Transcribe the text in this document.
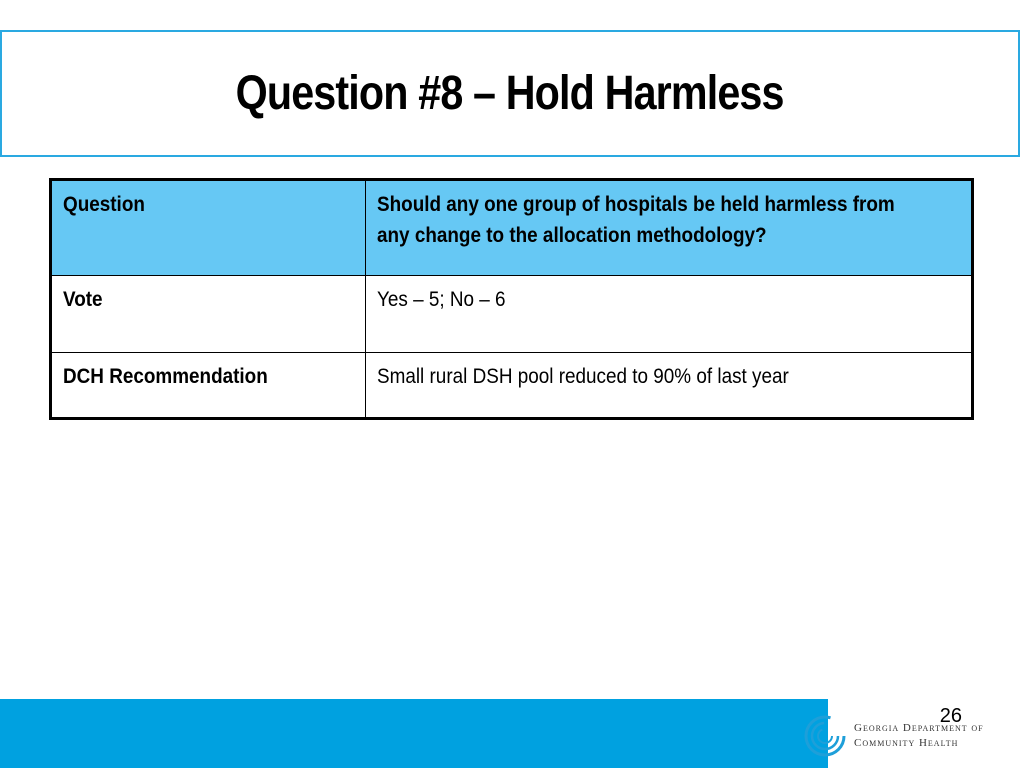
Question #8 – Hold Harmless
Question	Should any one group of hospitals be held harmless from any change to the allocation methodology?
Vote	Yes – 5; No – 6
DCH Recommendation	Small rural DSH pool reduced to 90% of last year
26
Georgia Department of
Community Health
